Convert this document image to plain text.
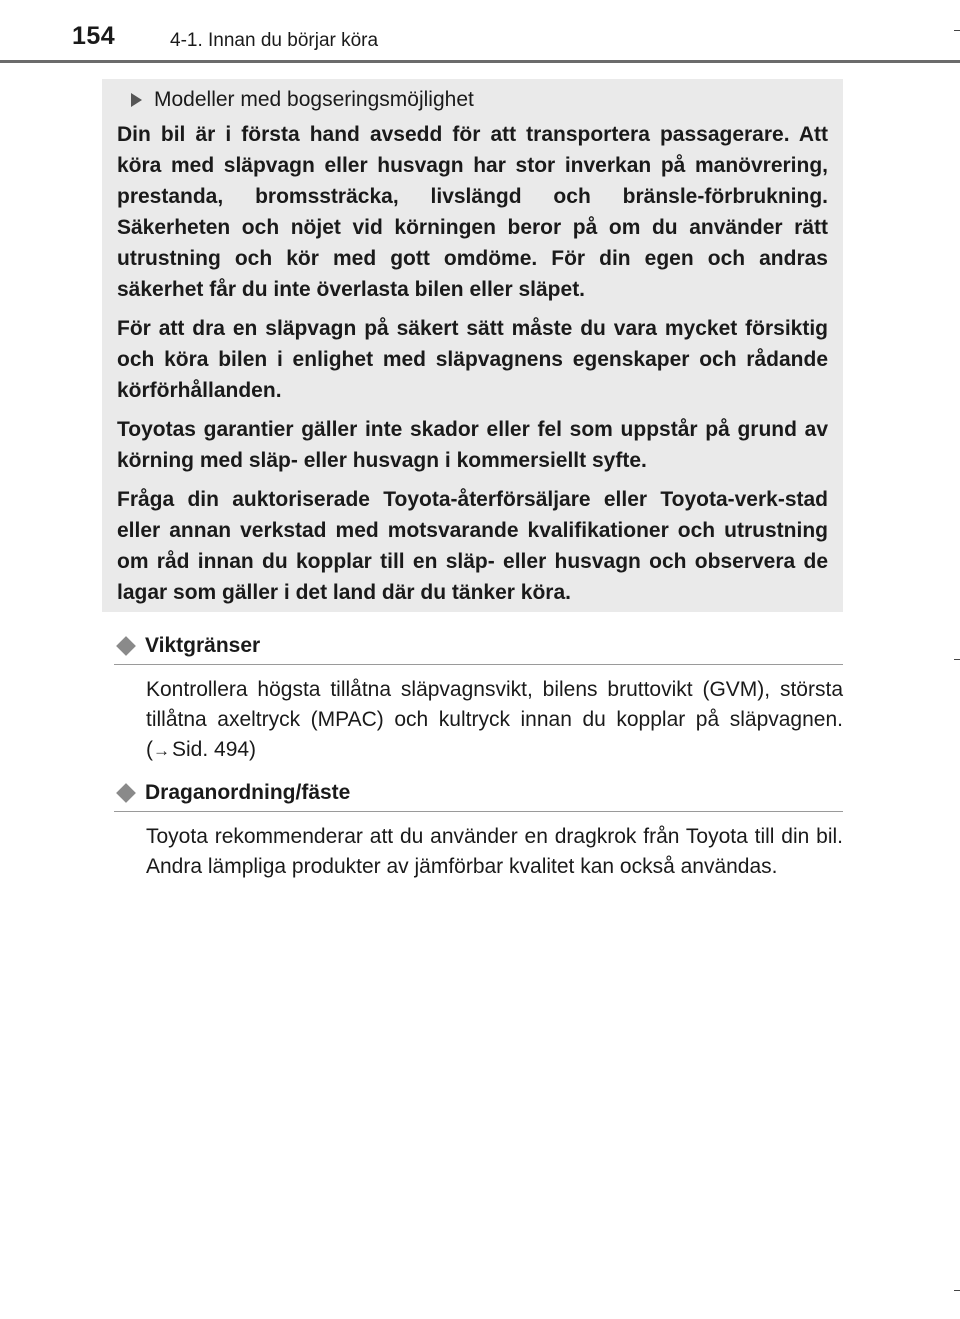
154	4-1. Innan du börjar köra
Modeller med bogseringsmöjlighet

Din bil är i första hand avsedd för att transportera passagerare. Att köra med släpvagn eller husvagn har stor inverkan på manövrering, prestanda, bromssträcka, livslängd och bränsle-förbrukning. Säkerheten och nöjet vid körningen beror på om du använder rätt utrustning och kör med gott omdöme. För din egen och andras säkerhet får du inte överlasta bilen eller släpet.

För att dra en släpvagn på säkert sätt måste du vara mycket försiktig och köra bilen i enlighet med släpvagnens egenskaper och rådande körförhållanden.

Toyotas garantier gäller inte skador eller fel som uppstår på grund av körning med släp- eller husvagn i kommersiellt syfte.

Fråga din auktoriserade Toyota-återförsäljare eller Toyota-verk-stad eller annan verkstad med motsvarande kvalifikationer och utrustning om råd innan du kopplar till en släp- eller husvagn och observera de lagar som gäller i det land där du tänker köra.

Viktgränser

Kontrollera högsta tillåtna släpvagnsvikt, bilens bruttovikt (GVM), största tillåtna axeltryck (MPAC) och kultryck innan du kopplar på släpvagnen. (→Sid. 494)

Draganordning/fäste

Toyota rekommenderar att du använder en dragkrok från Toyota till din bil. Andra lämpliga produkter av jämförbar kvalitet kan också användas.
